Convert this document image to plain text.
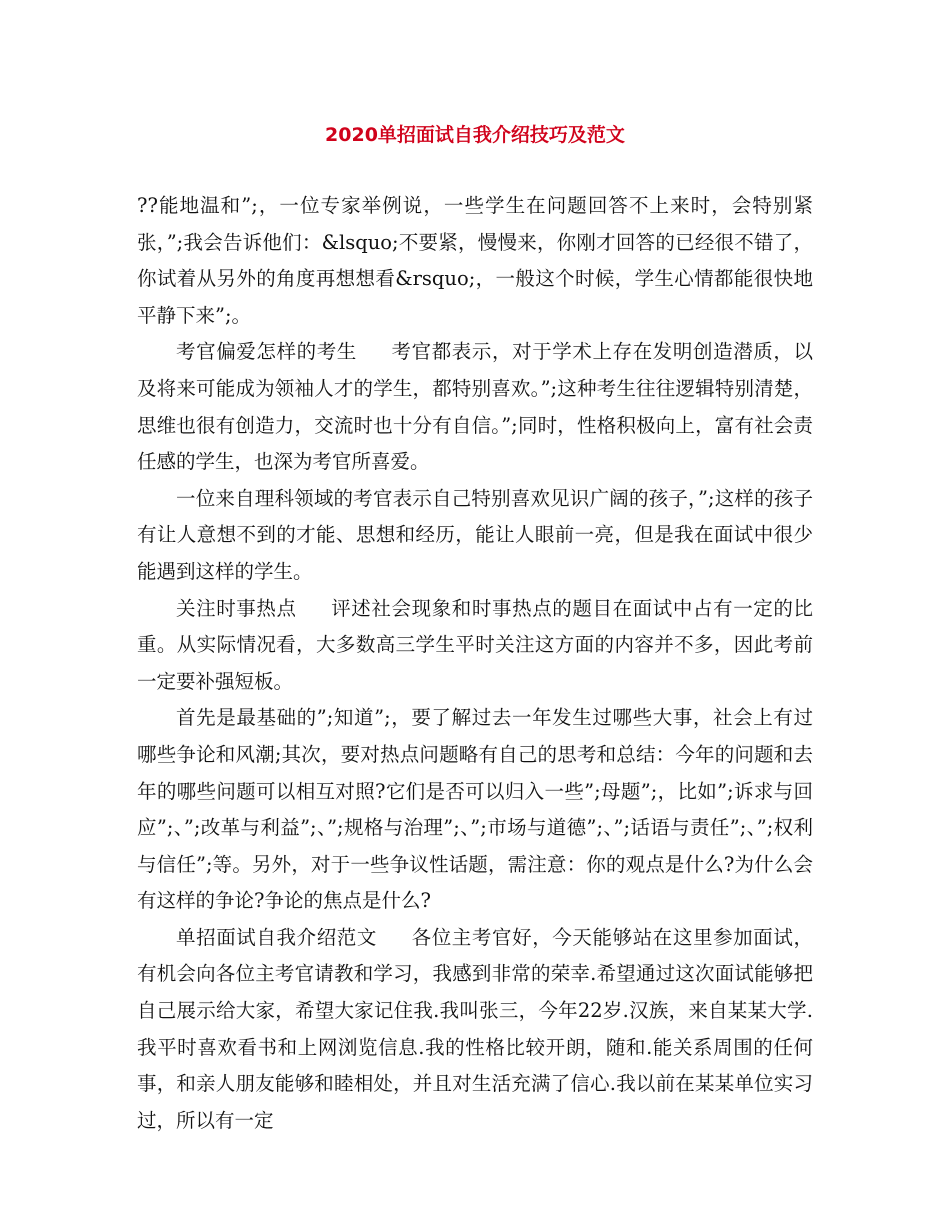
2020单招面试自我介绍技巧及范文

??能地温和”;，一位专家举例说，一些学生在问题回答不上来时，会特别紧张，”;我会告诉他们：&lsquo;不要紧，慢慢来，你刚才回答的已经很不错了，你试着从另外的角度再想想看&rsquo;，一般这个时候，学生心情都能很快地平静下来”;。

考官偏爱怎样的考生 考官都表示，对于学术上存在发明创造潜质，以及将来可能成为领袖人才的学生，都特别喜欢。”;这种考生往往逻辑特别清楚，思维也很有创造力，交流时也十分有自信。”;同时，性格积极向上，富有社会责任感的学生，也深为考官所喜爱。

一位来自理科领域的考官表示自己特别喜欢见识广阔的孩子，”;这样的孩子有让人意想不到的才能、思想和经历，能让人眼前一亮，但是我在面试中很少能遇到这样的学生。

关注时事热点 评述社会现象和时事热点的题目在面试中占有一定的比重。从实际情况看，大多数高三学生平时关注这方面的内容并不多，因此考前一定要补强短板。

首先是最基础的”;知道”;，要了解过去一年发生过哪些大事，社会上有过哪些争论和风潮;其次，要对热点问题略有自己的思考和总结：今年的问题和去年的哪些问题可以相互对照?它们是否可以归入一些”;母题”;，比如”;诉求与回应”;、”;改革与利益”;、”;规格与治理”;、”;市场与道德”;、”;话语与责任”;、”;权利与信任”;等。另外，对于一些争议性话题，需注意：你的观点是什么?为什么会有这样的争论?争论的焦点是什么?

单招面试自我介绍范文 各位主考官好，今天能够站在这里参加面试，有机会向各位主考官请教和学习，我感到非常的荣幸.希望通过这次面试能够把自己展示给大家，希望大家记住我.我叫张三，今年22岁.汉族，来自某某大学.我平时喜欢看书和上网浏览信息.我的性格比较开朗，随和.能关系周围的任何事，和亲人朋友能够和睦相处，并且对生活充满了信心.我以前在某某单位实习过，所以有一定
